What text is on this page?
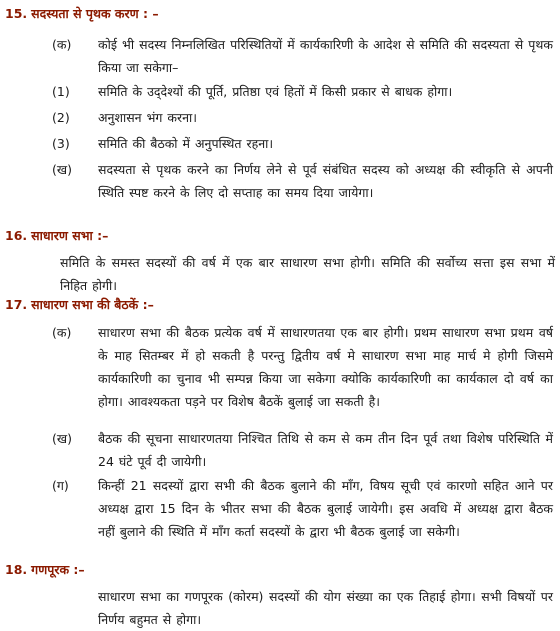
15. सदस्यता से पृथक करण : –
(क) कोई भी सदस्य निम्नलिखित परिस्थितियों में कार्यकारिणी के आदेश से समिति की सदस्यता से पृथक किया जा सकेगा–
(1) समिति के उद्‌देश्यों की पूर्ति, प्रतिष्ठा एवं हितों में किसी प्रकार से बाधक होगा।
(2) अनुशासन भंग करना।
(3) समिति की बैठको में अनुपस्थित रहना।
(ख) सदस्यता से पृथक करने का निर्णय लेने से पूर्व संबंधित सदस्य को अध्यक्ष की स्वीकृति से अपनी स्थिति स्पष्ट करने के लिए दो सप्ताह का समय दिया जायेगा।
16. साधारण सभा :–
समिति के समस्त सदस्यों की वर्ष में एक बार साधारण सभा होगी। समिति की सर्वोच्य सत्ता इस सभा में निहित होगी।
17. साधारण सभा की बैठकें :–
(क) साधारण सभा की बैठक प्रत्येक वर्ष में साधारणतया एक बार होगी। प्रथम साधारण सभा प्रथम वर्ष के माह सितम्बर में हो सकती है परन्तु द्वितीय वर्ष मे साधारण सभा माह मार्च मे होगी जिसमे कार्यकारिणी का चुनाव भी सम्पन्न किया जा सकेगा क्योकि कार्यकारिणी का कार्यकाल दो वर्ष का होगा। आवश्यकता पड़ने पर विशेष बैठकें बुलाई जा सकती है।
(ख) बैठक की सूचना साधारणतया निश्चित तिथि से कम से कम तीन दिन पूर्व तथा विशेष परिस्थिति में 24 घंटे पूर्व दी जायेगी।
(ग) किन्हीं 21 सदस्यों द्वारा सभी की बैठक बुलाने की माँग, विषय सूची एवं कारणो सहित आने पर अध्यक्ष द्वारा 15 दिन के भीतर सभा की बैठक बुलाई जायेगी। इस अवधि में अध्यक्ष द्वारा बैठक नहीं बुलाने की स्थिति में माँग कर्ता सदस्यों के द्वारा भी बैठक बुलाई जा सकेगी।
18. गणपूरक :–
साधारण सभा का गणपूरक (कोरम) सदस्यों की योग संख्या का एक तिहाई होगा। सभी विषयों पर निर्णय बहुमत से होगा।
